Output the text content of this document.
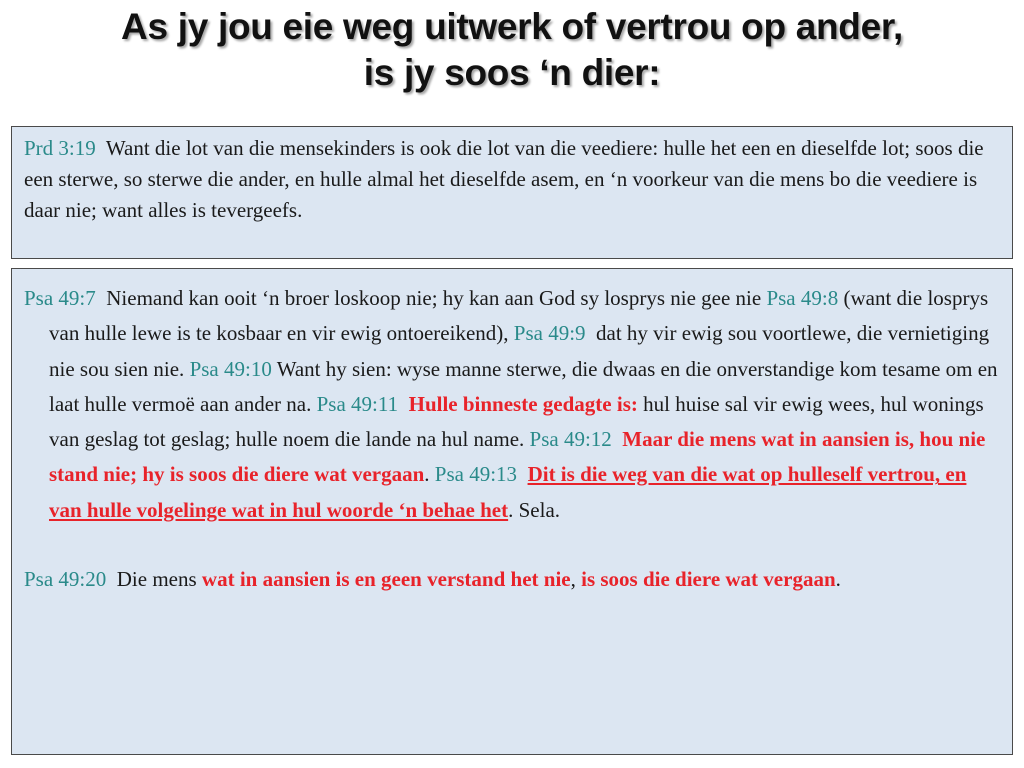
As jy jou eie weg uitwerk of vertrou op ander,
is jy soos ‘n dier:
Prd 3:19 Want die lot van die mensekinders is ook die lot van die veediere: hulle het een en dieselfde lot; soos die een sterwe, so sterwe die ander, en hulle almal het dieselfde asem, en ‘n voorkeur van die mens bo die veediere is daar nie; want alles is tevergeefs.
Psa 49:7 Niemand kan ooit ‘n broer loskoop nie; hy kan aan God sy losprys nie gee nie Psa 49:8 (want die losprys van hulle lewe is te kosbaar en vir ewig ontoereikend), Psa 49:9 dat hy vir ewig sou voortlewe, die vernietiging nie sou sien nie. Psa 49:10 Want hy sien: wyse manne sterwe, die dwaas en die onverstandige kom tesame om en laat hulle vermoë aan ander na. Psa 49:11 Hulle binneste gedagte is: hul huise sal vir ewig wees, hul wonings van geslag tot geslag; hulle noem die lande na hul name. Psa 49:12 Maar die mens wat in aansien is, hou nie stand nie; hy is soos die diere wat vergaan. Psa 49:13 Dit is die weg van die wat op hulleself vertrou, en van hulle volgelinge wat in hul woorde ‘n behae het. Sela.
Psa 49:20 Die mens wat in aansien is en geen verstand het nie, is soos die diere wat vergaan.
